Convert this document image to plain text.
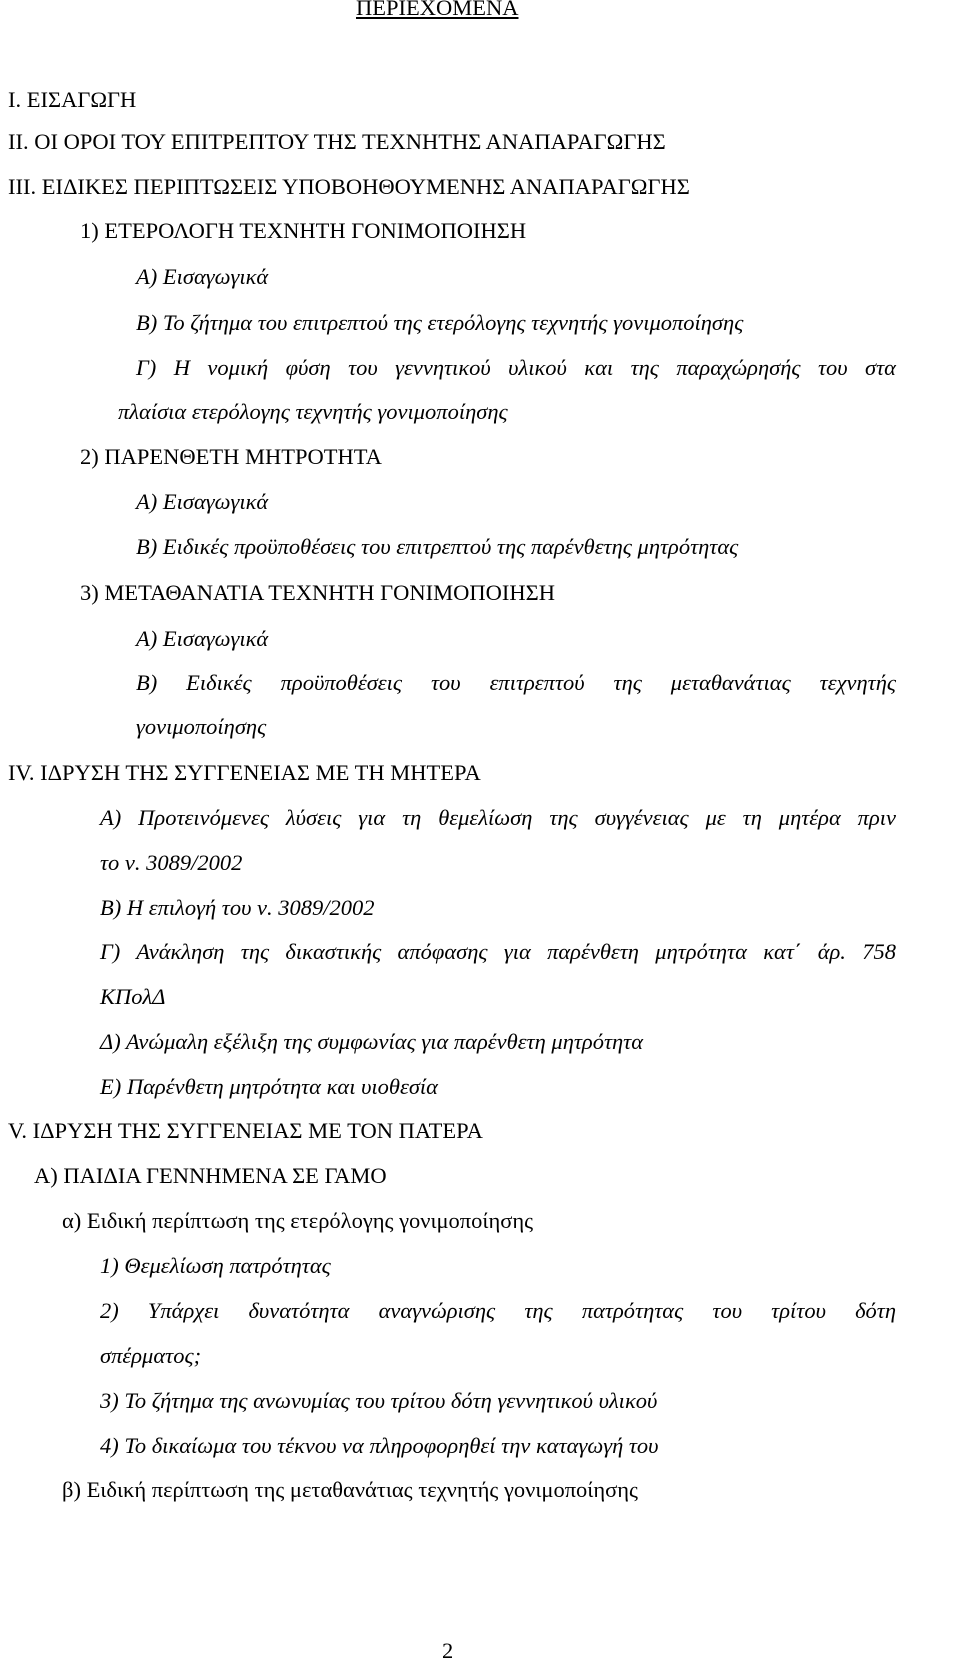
ΠΕΡΙΕΧΟΜΕΝΑ
I. ΕΙΣΑΓΩΓΗ
II. ΟΙ ΟΡΟΙ ΤΟΥ ΕΠΙΤΡΕΠΤΟΥ ΤΗΣ ΤΕΧΝΗΤΗΣ ΑΝΑΠΑΡΑΓΩΓΗΣ
III. ΕΙΔΙΚΕΣ ΠΕΡΙΠΤΩΣΕΙΣ ΥΠΟΒΟΗΘΟΥΜΕΝΗΣ ΑΝΑΠΑΡΑΓΩΓΗΣ
1) ΕΤΕΡΟΛΟΓΗ ΤΕΧΝΗΤΗ ΓΟΝΙΜΟΠΟΙΗΣΗ
Α) Εισαγωγικά
Β) Το ζήτημα του επιτρεπτού της ετερόλογης τεχνητής γονιμοποίησης
Γ) Η νομική φύση του γεννητικού υλικού και της παραχώρησής του στα
πλαίσια ετερόλογης τεχνητής γονιμοποίησης
2) ΠΑΡΕΝΘΕΤΗ ΜΗΤΡΟΤΗΤΑ
Α) Εισαγωγικά
Β) Ειδικές προϋποθέσεις του επιτρεπτού της παρένθετης μητρότητας
3) ΜΕΤΑΘΑΝΑΤΙΑ ΤΕΧΝΗΤΗ ΓΟΝΙΜΟΠΟΙΗΣΗ
Α) Εισαγωγικά
Β) Ειδικές προϋποθέσεις του επιτρεπτού της μεταθανάτιας τεχνητής
γονιμοποίησης
IV. ΙΔΡΥΣΗ ΤΗΣ ΣΥΓΓΕΝΕΙΑΣ ΜΕ ΤΗ ΜΗΤΕΡΑ
Α) Προτεινόμενες λύσεις για τη θεμελίωση της συγγένειας με τη μητέρα πριν
το ν. 3089/2002
Β) Η επιλογή του ν. 3089/2002
Γ) Ανάκληση της δικαστικής απόφασης για παρένθετη μητρότητα κατ΄ άρ. 758
ΚΠολΔ
Δ) Ανώμαλη εξέλιξη της συμφωνίας για παρένθετη μητρότητα
Ε) Παρένθετη μητρότητα και υιοθεσία
V. ΙΔΡΥΣΗ ΤΗΣ ΣΥΓΓΕΝΕΙΑΣ ΜΕ ΤΟΝ ΠΑΤΕΡΑ
Α) ΠΑΙΔΙΑ ΓΕΝΝΗΜΕΝΑ ΣΕ ΓΑΜΟ
α) Ειδική περίπτωση της ετερόλογης γονιμοποίησης
1) Θεμελίωση πατρότητας
2) Υπάρχει δυνατότητα αναγνώρισης της πατρότητας του τρίτου δότη
σπέρματος;
3) Το ζήτημα της ανωνυμίας του τρίτου δότη γεννητικού υλικού
4) Το δικαίωμα του τέκνου να πληροφορηθεί την καταγωγή του
β) Ειδική περίπτωση της μεταθανάτιας τεχνητής γονιμοποίησης
2
